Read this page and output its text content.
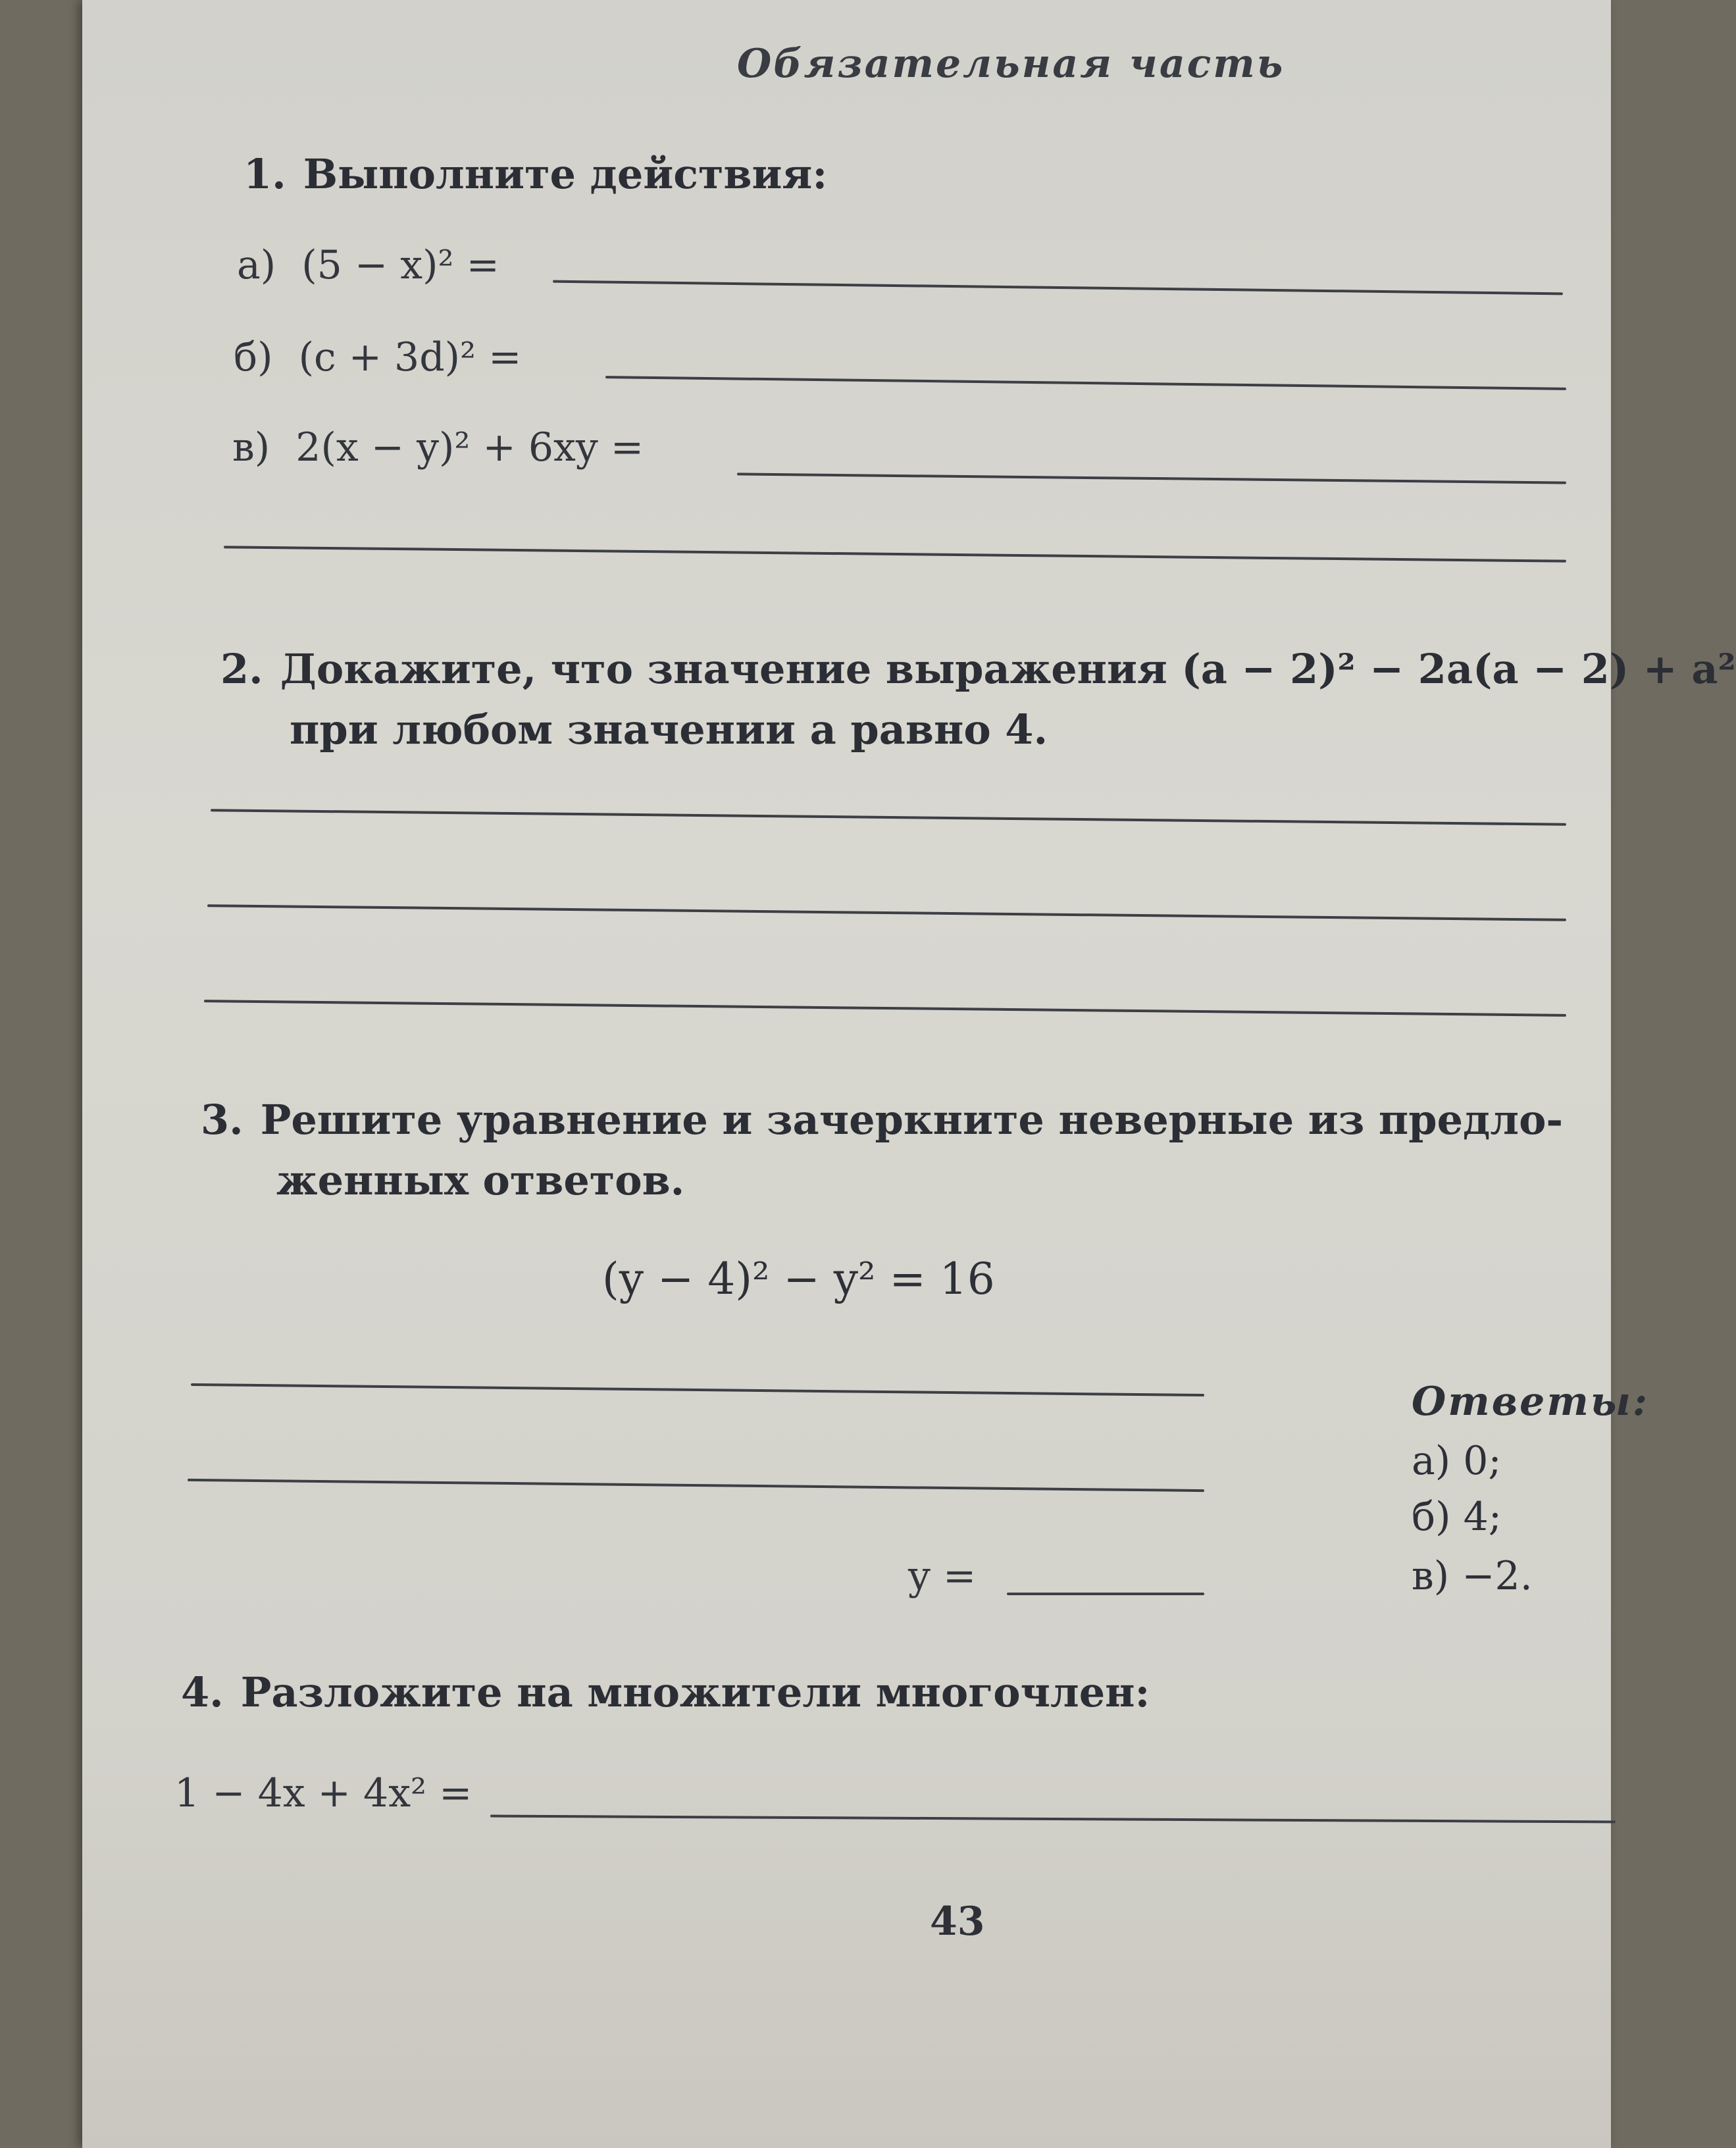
Обязательная часть
1. Выполните действия:
а) (5 − x)² =
б) (c + 3d)² =
в) 2(x − y)² + 6xy =
2. Докажите, что значение выражения (a − 2)² − 2a(a − 2) + a²
при любом значении a равно 4.
3. Решите уравнение и зачеркните неверные из предло-
женных ответов.
(y − 4)² − y² = 16
y =
Ответы:
а) 0;
б) 4;
в) −2.
4. Разложите на множители многочлен:
1 − 4x + 4x² =
43
